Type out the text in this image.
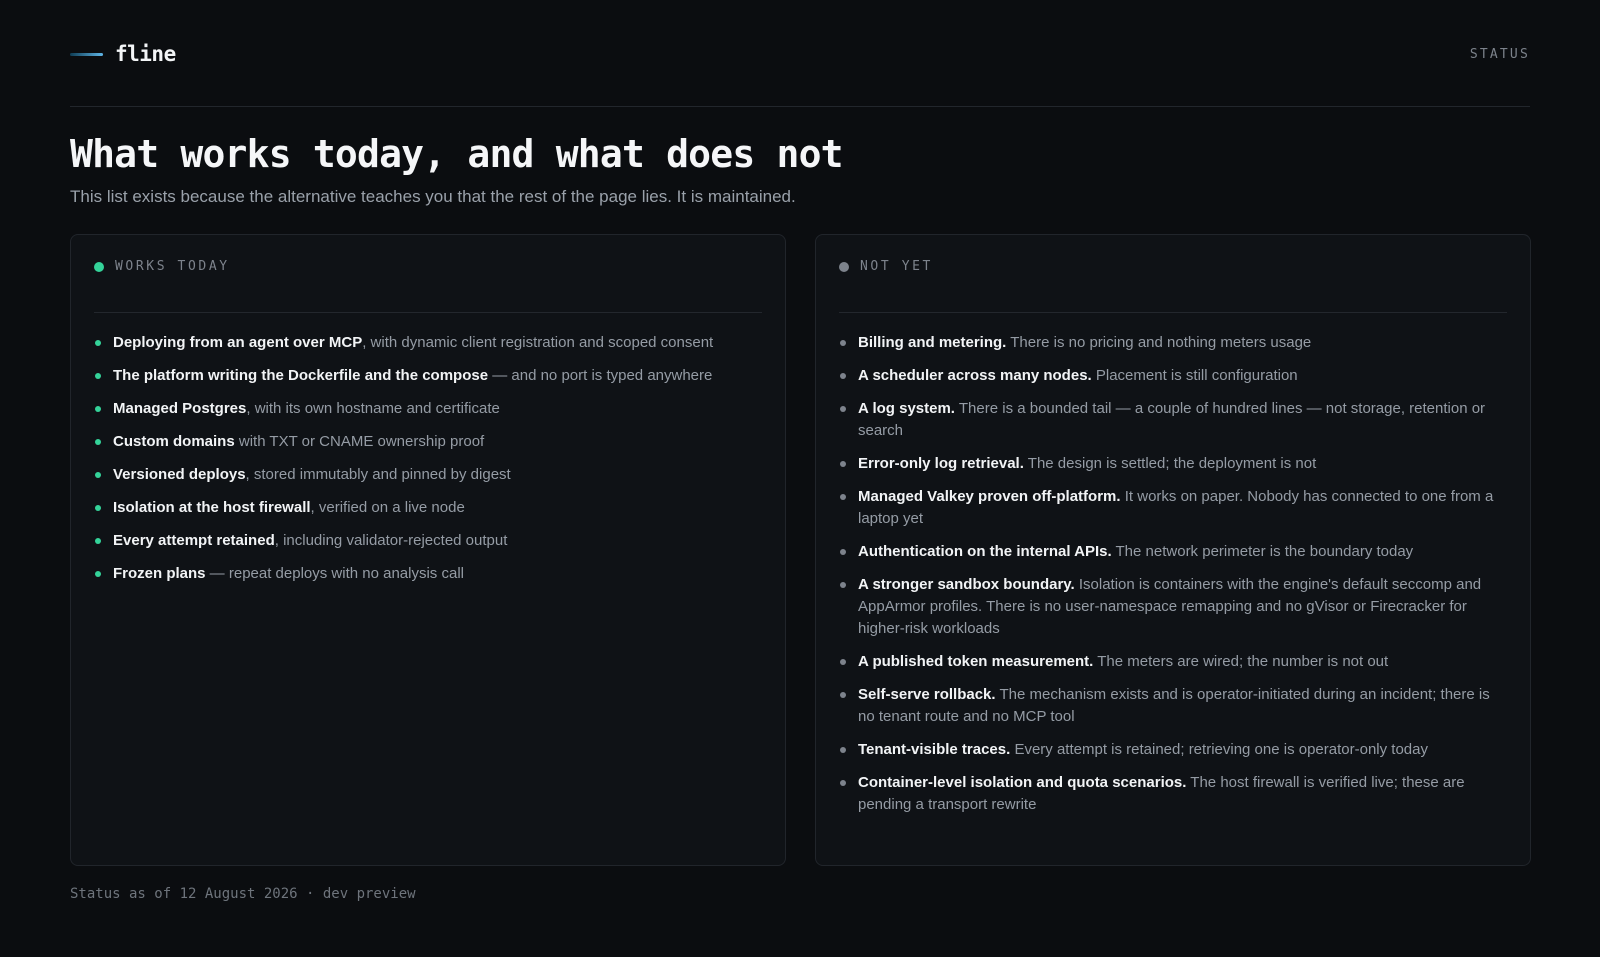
fline	STATUS
What works today, and what does not

This list exists because the alternative teaches you that the rest of the page lies. It is maintained.

WORKS TODAY
Deploying from an agent over MCP, with dynamic client registration and scoped consent
The platform writing the Dockerfile and the compose — and no port is typed anywhere
Managed Postgres, with its own hostname and certificate
Custom domains with TXT or CNAME ownership proof
Versioned deploys, stored immutably and pinned by digest
Isolation at the host firewall, verified on a live node
Every attempt retained, including validator-rejected output
Frozen plans — repeat deploys with no analysis call
NOT YET
Billing and metering. There is no pricing and nothing meters usage
A scheduler across many nodes. Placement is still configuration
A log system. There is a bounded tail — a couple of hundred lines — not storage, retention or search
Error-only log retrieval. The design is settled; the deployment is not
Managed Valkey proven off-platform. It works on paper. Nobody has connected to one from a laptop yet
Authentication on the internal APIs. The network perimeter is the boundary today
A stronger sandbox boundary. Isolation is containers with the engine's default seccomp and AppArmor profiles. There is no user-namespace remapping and no gVisor or Firecracker for higher-risk workloads
A published token measurement. The meters are wired; the number is not out
Self-serve rollback. The mechanism exists and is operator-initiated during an incident; there is no tenant route and no MCP tool
Tenant-visible traces. Every attempt is retained; retrieving one is operator-only today
Container-level isolation and quota scenarios. The host firewall is verified live; these are pending a transport rewrite

Status as of 12 August 2026 · dev preview
